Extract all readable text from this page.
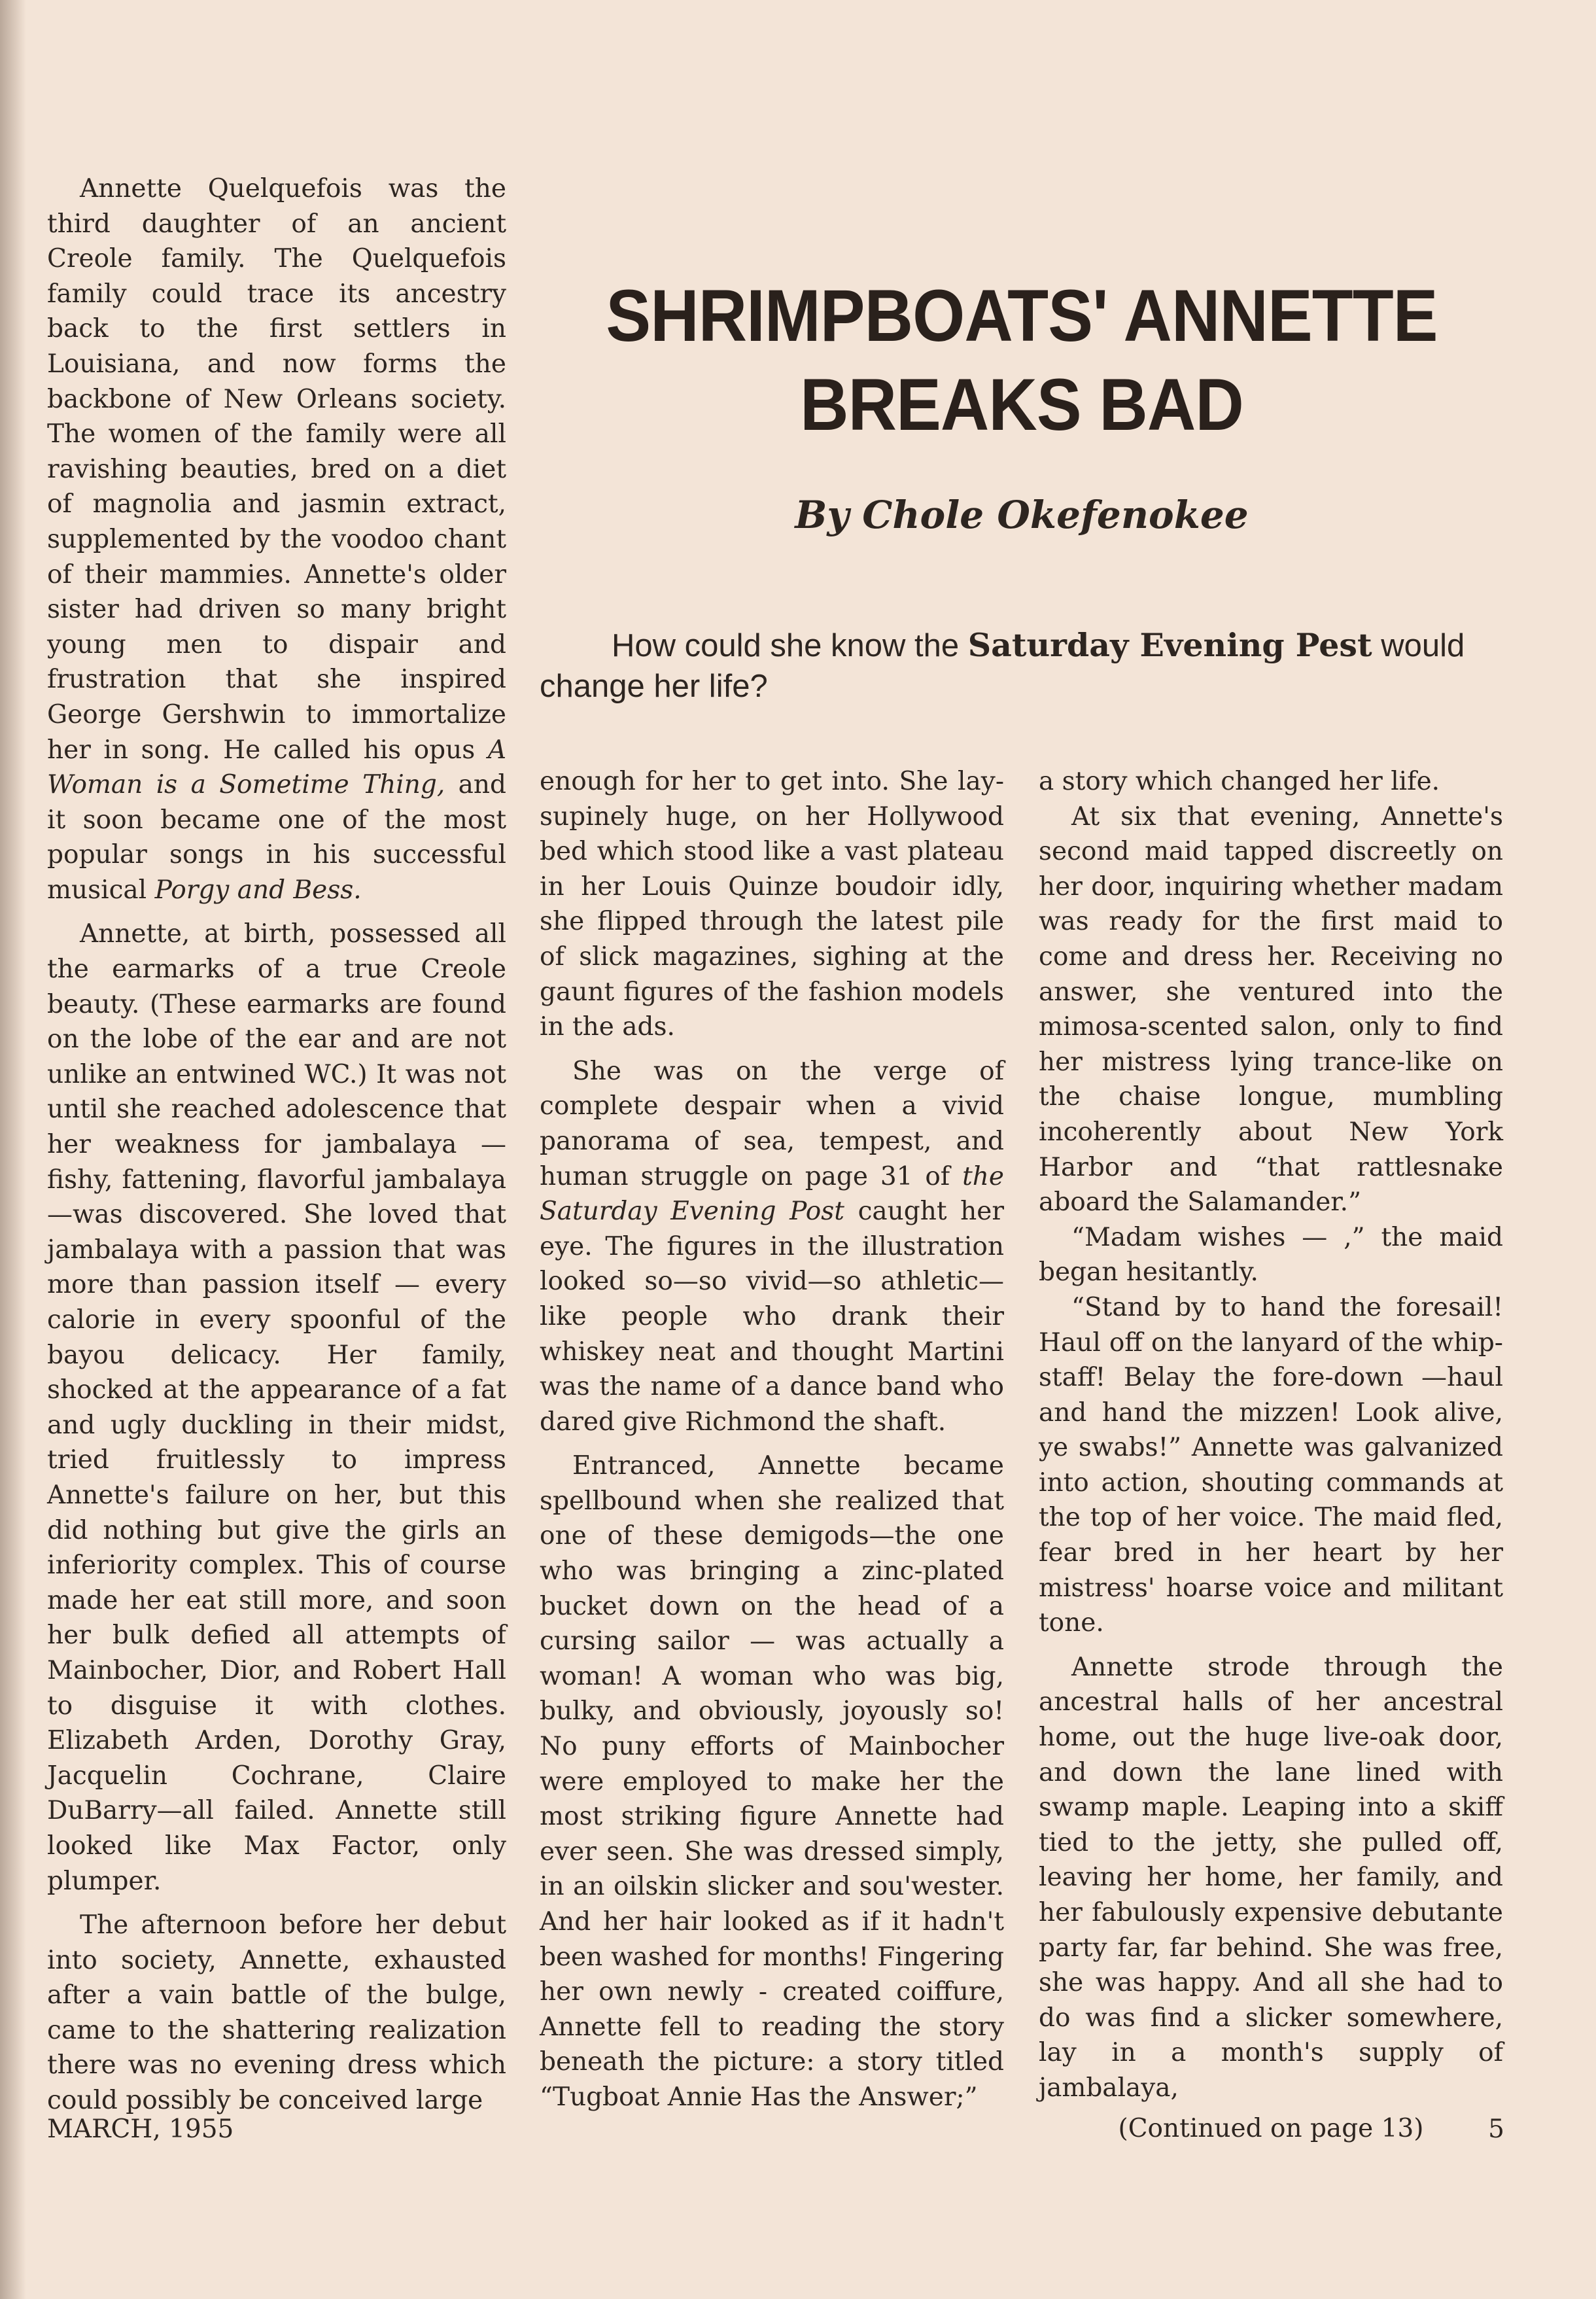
Annette Quelquefois was the third daughter of an ancient Creole family. The Quelquefois family could trace its ancestry back to the first settlers in Louisiana, and now forms the backbone of New Orleans society. The women of the family were all ravishing beauties, bred on a diet of magnolia and jasmin extract, supplemented by the voodoo chant of their mammies. Annette's older sister had driven so many bright young men to dispair and frustration that she inspired George Gershwin to immortalize her in song. He called his opus A Woman is a Sometime Thing, and it soon became one of the most popular songs in his successful musical Porgy and Bess.

Annette, at birth, possessed all the earmarks of a true Creole beauty. (These earmarks are found on the lobe of the ear and are not unlike an entwined WC.) It was not until she reached adolescence that her weakness for jambalaya — fishy, fattening, flavorful jambalaya—was discovered. She loved that jambalaya with a passion that was more than passion itself — every calorie in every spoonful of the bayou delicacy. Her family, shocked at the appearance of a fat and ugly duckling in their midst, tried fruitlessly to impress Annette's failure on her, but this did nothing but give the girls an inferiority complex. This of course made her eat still more, and soon her bulk defied all attempts of Mainbocher, Dior, and Robert Hall to disguise it with clothes. Elizabeth Arden, Dorothy Gray, Jacquelin Cochrane, Claire DuBarry—all failed. Annette still looked like Max Factor, only plumper.

The afternoon before her debut into society, Annette, exhausted after a vain battle of the bulge, came to the shattering realization there was no evening dress which could possibly be conceived large

SHRIMPBOATS' ANNETTE
BREAKS BAD
By Chole Okefenokee
How could she know the Saturday Evening Pest would change her life?

enough for her to get into. She lay- supinely huge, on her Hollywood bed which stood like a vast plateau in her Louis Quinze boudoir idly, she flipped through the latest pile of slick magazines, sighing at the gaunt figures of the fashion models in the ads.

She was on the verge of complete despair when a vivid panorama of sea, tempest, and human struggle on page 31 of the Saturday Evening Post caught her eye. The figures in the illustration looked so—so vivid—so athletic—like people who drank their whiskey neat and thought Martini was the name of a dance band who dared give Richmond the shaft.

Entranced, Annette became spellbound when she realized that one of these demigods—the one who was bringing a zinc-plated bucket down on the head of a cursing sailor — was actually a woman! A woman who was big, bulky, and obviously, joyously so! No puny efforts of Mainbocher were employed to make her the most striking figure Annette had ever seen. She was dressed simply, in an oilskin slicker and sou'wester. And her hair looked as if it hadn't been washed for months! Fingering her own newly - created coiffure, Annette fell to reading the story beneath the picture: a story titled “Tugboat Annie Has the Answer;”

a story which changed her life.

At six that evening, Annette's second maid tapped discreetly on her door, inquiring whether madam was ready for the first maid to come and dress her. Receiving no answer, she ventured into the mimosa-scented salon, only to find her mistress lying trance-like on the chaise longue, mumbling incoherently about New York Harbor and “that rattlesnake aboard the Salamander.”

“Madam wishes — ,” the maid began hesitantly.

“Stand by to hand the foresail! Haul off on the lanyard of the whip-staff! Belay the fore-down —haul and hand the mizzen! Look alive, ye swabs!” Annette was galvanized into action, shouting commands at the top of her voice. The maid fled, fear bred in her heart by her mistress' hoarse voice and militant tone.

Annette strode through the ancestral halls of her ancestral home, out the huge live-oak door, and down the lane lined with swamp maple. Leaping into a skiff tied to the jetty, she pulled off, leaving her home, her family, and her fabulously expensive debutante party far, far behind. She was free, she was happy. And all she had to do was find a slicker somewhere, lay in a month's supply of jambalaya,

(Continued on page 13)
MARCH, 1955	5
